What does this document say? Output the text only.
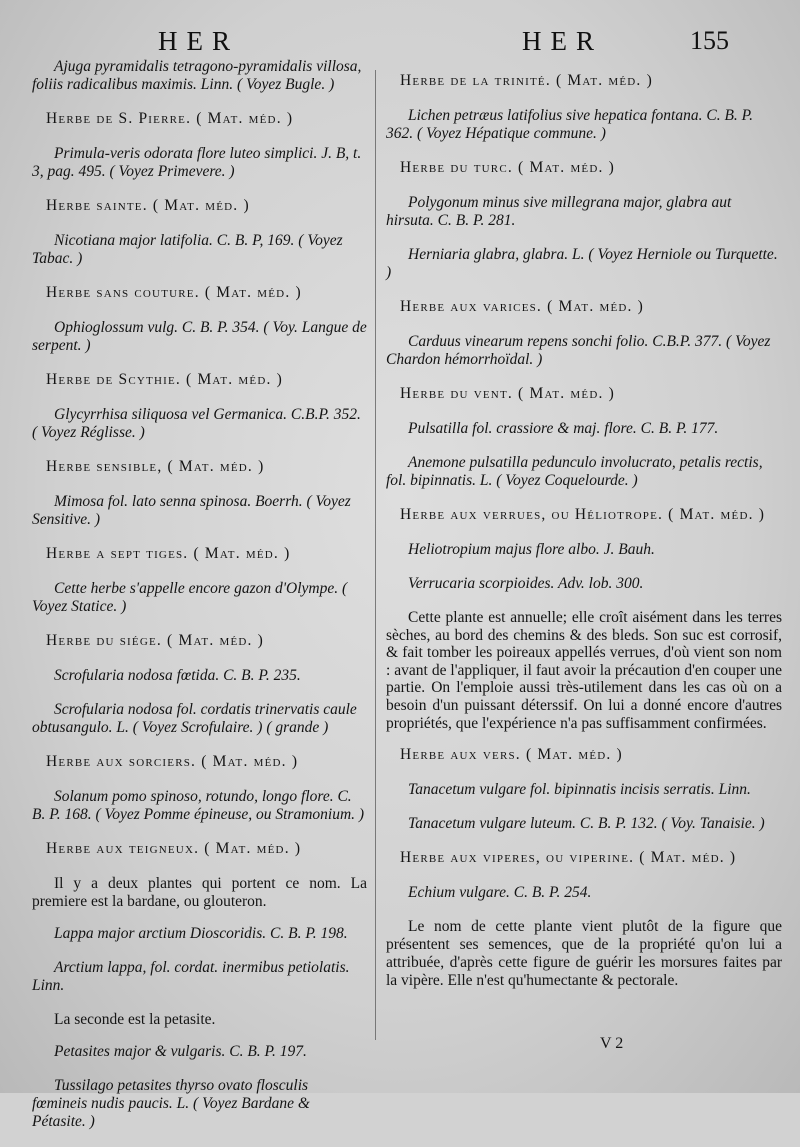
HER	HER	155
Ajuga pyramidalis tetragono-pyramidalis villosa, foliis radicalibus maximis. Linn. ( Voyez Bugle. )
Herbe de S. Pierre. ( Mat. méd. )
Primula-veris odorata flore luteo simplici. J. B, t. 3, pag. 495. ( Voyez Primevere. )
Herbe sainte. ( Mat. méd. )
Nicotiana major latifolia. C. B. P, 169. ( Voyez Tabac. )
Herbe sans couture. ( Mat. méd. )
Ophioglossum vulg. C. B. P. 354. ( Voy. Langue de serpent. )
Herbe de Scythie. ( Mat. méd. )
Glycyrrhisa siliquosa vel Germanica. C.B.P. 352. ( Voyez Réglisse. )
Herbe sensible, ( Mat. méd. )
Mimosa fol. lato senna spinosa. Boerrh. ( Voyez Sensitive. )
Herbe a sept tiges. ( Mat. méd. )
Cette herbe s'appelle encore gazon d'Olympe. ( Voyez Statice. )
Herbe du siége. ( Mat. méd. )
Scrofularia nodosa fœtida. C. B. P. 235.
Scrofularia nodosa fol. cordatis trinervatis caule obtusangulo. L. ( Voyez Scrofulaire. ) ( grande )
Herbe aux sorciers. ( Mat. méd. )
Solanum pomo spinoso, rotundo, longo flore. C. B. P. 168. ( Voyez Pomme épineuse, ou Stramonium. )
Herbe aux teigneux. ( Mat. méd. )
Il y a deux plantes qui portent ce nom. La premiere est la bardane, ou glouteron.
Lappa major arctium Dioscoridis. C. B. P. 198.
Arctium lappa, fol. cordat. inermibus petiolatis. Linn.
La seconde est la petasite.
Petasites major & vulgaris. C. B. P. 197.
Tussilago petasites thyrso ovato flosculis fœmineis nudis paucis. L. ( Voyez Bardane & Pétasite. )
Herbe de la trinité. ( Mat. méd. )
Lichen petræus latifolius sive hepatica fontana. C. B. P. 362. ( Voyez Hépatique commune. )
Herbe du turc. ( Mat. méd. )
Polygonum minus sive millegrana major, glabra aut hirsuta. C. B. P. 281.
Herniaria glabra, glabra. L. ( Voyez Herniole ou Turquette. )
Herbe aux varices. ( Mat. méd. )
Carduus vinearum repens sonchi folio. C.B.P. 377. ( Voyez Chardon hémorrhoïdal. )
Herbe du vent. ( Mat. méd. )
Pulsatilla fol. crassiore & maj. flore. C. B. P. 177.
Anemone pulsatilla pedunculo involucrato, petalis rectis, fol. bipinnatis. L. ( Voyez Coquelourde. )
Herbe aux verrues, ou Héliotrope. ( Mat. méd. )
Heliotropium majus flore albo. J. Bauh.
Verrucaria scorpioides. Adv. lob. 300.
Cette plante est annuelle; elle croît aisément dans les terres sèches, au bord des chemins & des bleds. Son suc est corrosif, & fait tomber les poireaux appellés verrues, d'où vient son nom : avant de l'appliquer, il faut avoir la précaution d'en couper une partie. On l'emploie aussi très-utilement dans les cas où on a besoin d'un puissant déterssif. On lui a donné encore d'autres propriétés, que l'expérience n'a pas suffisamment confirmées.
Herbe aux vers. ( Mat. méd. )
Tanacetum vulgare fol. bipinnatis incisis serratis. Linn.
Tanacetum vulgare luteum. C. B. P. 132. ( Voy. Tanaisie. )
Herbe aux viperes, ou viperine. ( Mat. méd. )
Echium vulgare. C. B. P. 254.
Le nom de cette plante vient plutôt de la figure que présentent ses semences, que de la propriété qu'on lui a attribuée, d'après cette figure de guérir les morsures faites par la vipère. Elle n'est qu'humectante & pectorale.
V 2
